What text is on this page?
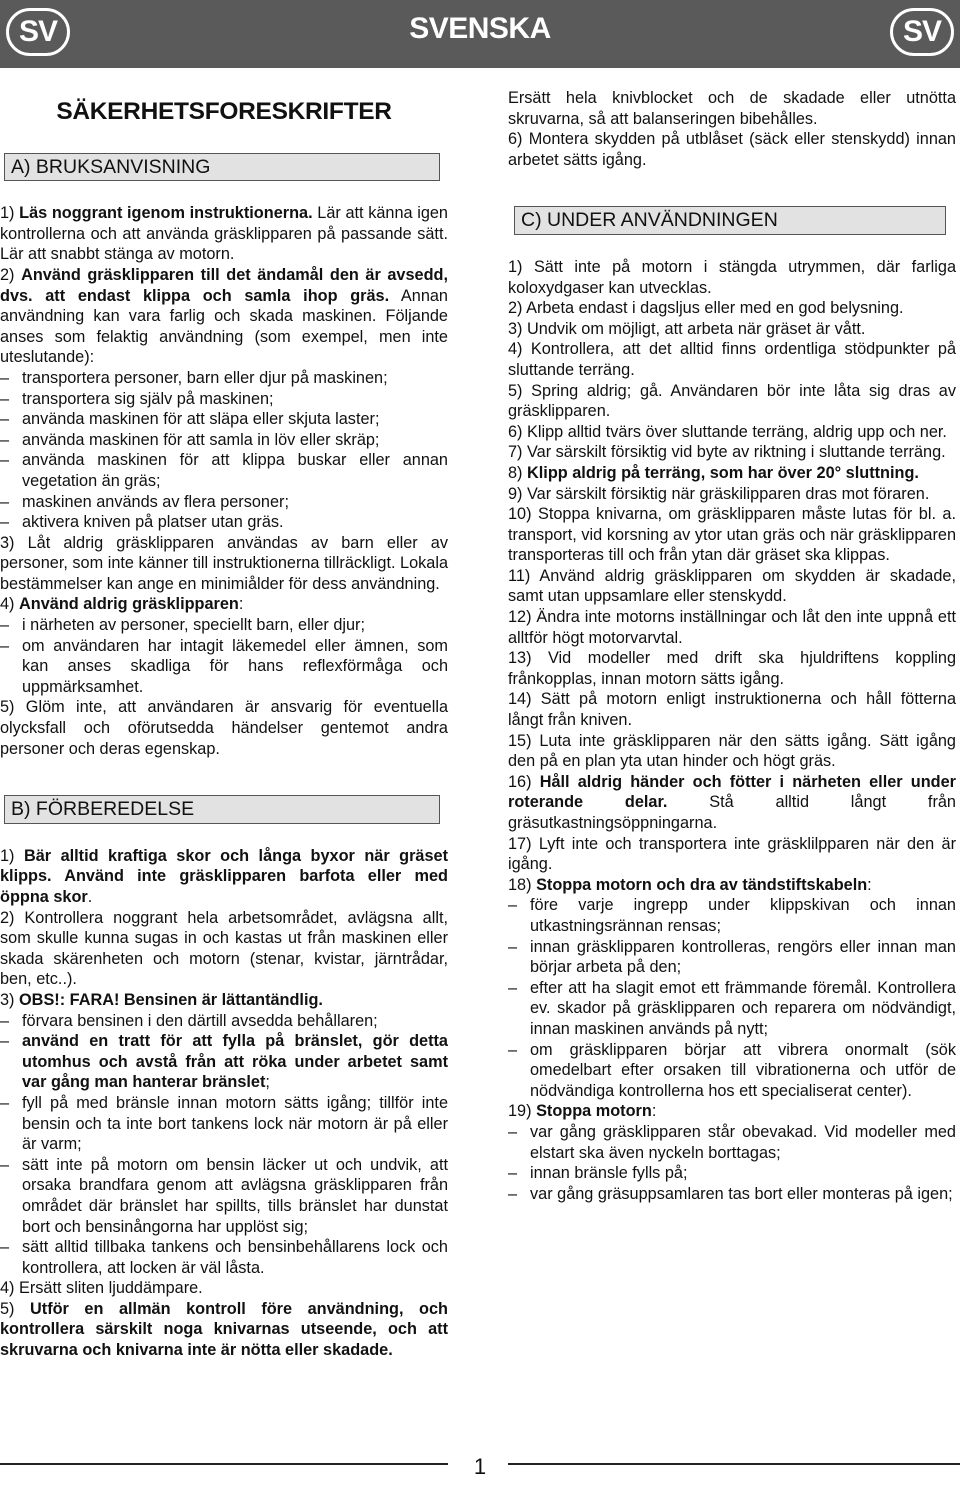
SV	SVENSKA	SV
SÄKERHETSFORESKRIFTER
A) BRUKSANVISNING

1) Läs noggrant igenom instruktionerna. Lär att känna igen kontrollerna och att använda gräsklipparen på passande sätt. Lär att snabbt stänga av motorn.

2) Använd gräsklipparen till det ändamål den är avsedd, dvs. att endast klippa och samla ihop gräs. Annan användning kan vara farlig och skada maskinen. Följande anses som felaktig användning (som exempel, men inte uteslutande):

– transportera personer, barn eller djur på maskinen;

– transportera sig själv på maskinen;

– använda maskinen för att släpa eller skjuta laster;

– använda maskinen för att samla in löv eller skräp;

– använda maskinen för att klippa buskar eller annan vegetation än gräs;

– maskinen används av flera personer;

– aktivera kniven på platser utan gräs.

3) Låt aldrig gräsklipparen användas av barn eller av personer, som inte känner till instruktionerna tillräckligt. Lokala bestämmelser kan ange en minimiålder för dess användning.

4) Använd aldrig gräsklipparen:

– i närheten av personer, speciellt barn, eller djur;

– om användaren har intagit läkemedel eller ämnen, som kan anses skadliga för hans reflexförmåga och uppmärksamhet.

5) Glöm inte, att användaren är ansvarig för eventuella olycksfall och oförutsedda händelser gentemot andra personer och deras egenskap.

B) FÖRBEREDELSE

1) Bär alltid kraftiga skor och långa byxor när gräset klipps. Använd inte gräsklipparen barfota eller med öppna skor.

2) Kontrollera noggrant hela arbetsområdet, avlägsna allt, som skulle kunna sugas in och kastas ut från maskinen eller skada skärenheten och motorn (stenar, kvistar, järntrådar, ben, etc..).

3) OBS!: FARA! Bensinen är lättantändlig.

– förvara bensinen i den därtill avsedda behållaren;

– använd en tratt för att fylla på bränslet, gör detta utomhus och avstå från att röka under arbetet samt var gång man hanterar bränslet;

– fyll på med bränsle innan motorn sätts igång; tillför inte bensin och ta inte bort tankens lock när motorn är på eller är varm;

– sätt inte på motorn om bensin läcker ut och undvik, att orsaka brandfara genom att avlägsna gräsklipparen från området där bränslet har spillts, tills bränslet har dunstat bort och bensinångorna har upplöst sig;

– sätt alltid tillbaka tankens och bensinbehållarens lock och kontrollera, att locken är väl låsta.

4) Ersätt sliten ljuddämpare.

5) Utför en allmän kontroll före användning, och kontrollera särskilt noga knivarnas utseende, och att skruvarna och knivarna inte är nötta eller skadade.

Ersätt hela knivblocket och de skadade eller utnötta skruvarna, så att balanseringen bibehålles.

6) Montera skydden på utblåset (säck eller stenskydd) innan arbetet sätts igång.

C) UNDER ANVÄNDNINGEN

1) Sätt inte på motorn i stängda utrymmen, där farliga koloxydgaser kan utvecklas.

2) Arbeta endast i dagsljus eller med en god belysning.

3) Undvik om möjligt, att arbeta när gräset är vått.

4) Kontrollera, att det alltid finns ordentliga stödpunkter på sluttande terräng.

5) Spring aldrig; gå. Användaren bör inte låta sig dras av gräsklipparen.

6) Klipp alltid tvärs över sluttande terräng, aldrig upp och ner.

7) Var särskilt försiktig vid byte av riktning i sluttande terräng.

8) Klipp aldrig på terräng, som har över 20° sluttning.

9) Var särskilt försiktig när gräskilipparen dras mot föraren.

10) Stoppa knivarna, om gräsklipparen måste lutas för bl. a. transport, vid korsning av ytor utan gräs och när gräsklipparen transporteras till och från ytan där gräset ska klippas.

11) Använd aldrig gräsklipparen om skydden är skadade, samt utan uppsamlare eller stenskydd.

12) Ändra inte motorns inställningar och låt den inte uppnå ett alltför högt motorvarvtal.

13) Vid modeller med drift ska hjuldriftens koppling frånkopplas, innan motorn sätts igång.

14) Sätt på motorn enligt instruktionerna och håll fötterna långt från kniven.

15) Luta inte gräsklipparen när den sätts igång. Sätt igång den på en plan yta utan hinder och högt gräs.

16) Håll aldrig händer och fötter i närheten eller under roterande delar. Stå alltid långt från gräsutkastningsöppningarna.

17) Lyft inte och transportera inte gräsklilpparen när den är igång.

18) Stoppa motorn och dra av tändstiftskabeln:

– före varje ingrepp under klippskivan och innan utkastningsrännan rensas;

– innan gräsklipparen kontrolleras, rengörs eller innan man börjar arbeta på den;

– efter att ha slagit emot ett främmande föremål. Kontrollera ev. skador på gräsklipparen och reparera om nödvändigt, innan maskinen används på nytt;

– om gräsklipparen börjar att vibrera onormalt (sök omedelbart efter orsaken till vibrationerna och utför de nödvändiga kontrollerna hos ett specialiserat center).

19) Stoppa motorn:

– var gång gräsklipparen står obevakad. Vid modeller med elstart ska även nyckeln borttagas;

– innan bränsle fylls på;

– var gång gräsuppsamlaren tas bort eller monteras på igen;

1
